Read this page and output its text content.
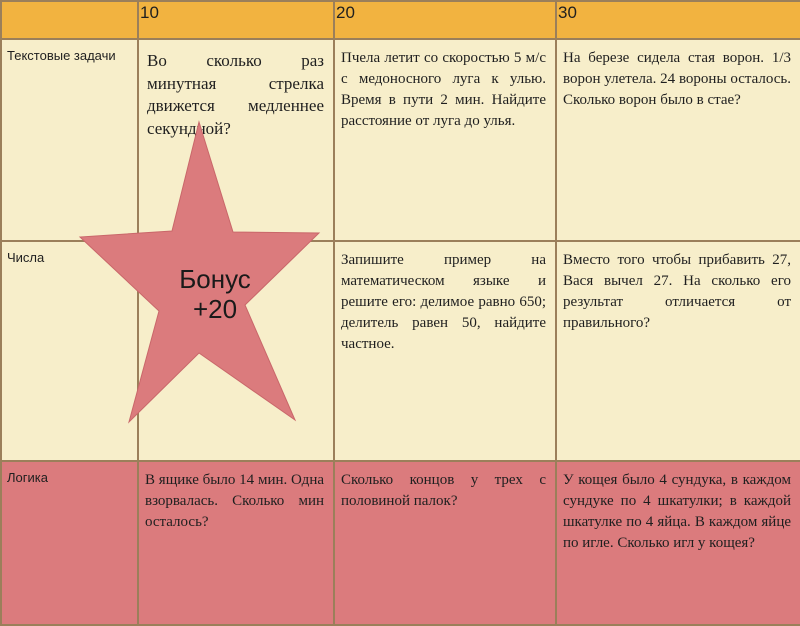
	10	20	30
Текстовые задачи	Во сколько раз минутная стрелка движется медленнее секундной?	Пчела летит со скоростью 5 м/с с медоносного луга к улью. Время в пути 2 мин. Найдите расстояние от луга до улья.	На березе сидела стая ворон. 1/3 ворон улетела. 24 вороны осталось. Сколько ворон было в стае?
Числа		Запишите пример на математическом языке и решите его: делимое равно 650; делитель равен 50, найдите частное.	Вместо того чтобы прибавить 27, Вася вычел 27. На сколько его результат отличается от правильного?
Логика	В ящике было 14 мин. Одна взорвалась. Сколько мин осталось?	Сколько концов у трех с половиной палок?	У кощея было 4 сундука, в каждом сундуке по 4 шкатулки; в каждой шкатулке по 4 яйца. В каждом яйце по игле. Сколько игл у кощея?
Бонус
+20
